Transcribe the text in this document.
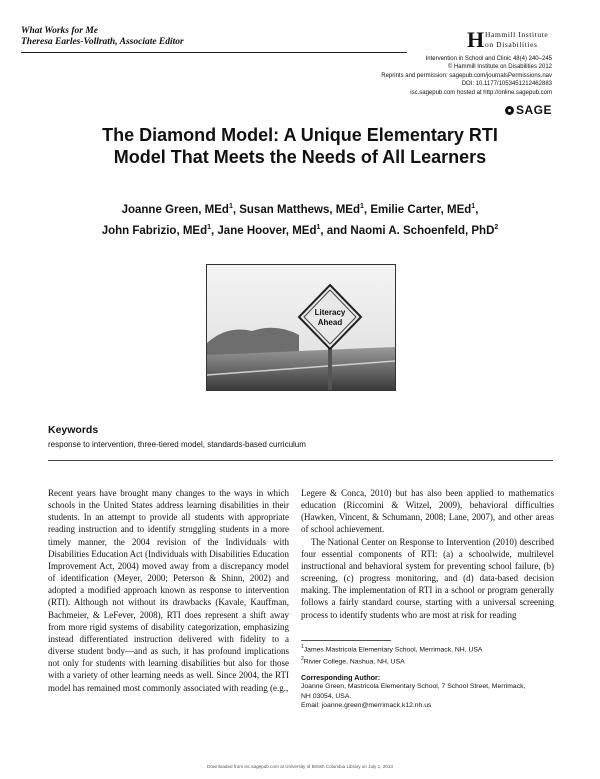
What Works for Me
Theresa Earles-Vollrath, Associate Editor	H Hammill Institute
on Disabilities
Intervention in School and Clinic 48(4) 240–245
© Hammill Institute on Disabilities 2012
Reprints and permission: sagepub.com/journalsPermissions.nav
DOI: 10.1177/1053451212462883
isc.sagepub.com hosted at http://online.sagepub.com
SAGE
The Diamond Model: A Unique Elementary RTI
Model That Meets the Needs of All Learners
Joanne Green, MEd$^1$, Susan Matthews, MEd$^1$, Emilie Carter, MEd$^1$,
John Fabrizio, MEd$^1$, Jane Hoover, MEd$^1$, and Naomi A. Schoenfeld, PhD$^2$
Literacy
Ahead
Keywords
response to intervention, three-tiered model, standards-based curriculum

Recent years have brought many changes to the ways in which schools in the United States address learning disabilities in their students. In an attempt to provide all students with appropriate reading instruction and to identify struggling students in a more timely manner, the 2004 revision of the Individuals with Disabilities Education Act (Individuals with Disabilities Education Improvement Act, 2004) moved away from a discrepancy model of identification (Meyer, 2000; Peterson & Shinn, 2002) and adopted a modified approach known as response to intervention (RTI). Although not without its drawbacks (Kavale, Kauffman, Bachmeier, & LeFever, 2008), RTI does represent a shift away from more rigid systems of disability categorization, emphasizing instead differentiated instruction delivered with fidelity to a diverse student body—and as such, it has profound implications not only for students with learning disabilities but also for those with a variety of other learning needs as well. Since 2004, the RTI model has remained most commonly associated with reading (e.g.,

Legere & Conca, 2010) but has also been applied to mathematics education (Riccomini & Witzel, 2009), behavioral difficulties (Hawken, Vincent, & Schumann, 2008; Lane, 2007), and other areas of school achievement.

The National Center on Response to Intervention (2010) described four essential components of RTI: (a) a schoolwide, multilevel instructional and behavioral system for preventing school failure, (b) screening, (c) progress monitoring, and (d) data-based decision making. The implementation of RTI in a school or program generally follows a fairly standard course, starting with a universal screening process to identify students who are most at risk for reading

$^1$James Mastricola Elementary School, Merrimack, NH, USA
$^2$Rivier College, Nashua, NH, USA
Corresponding Author:
Joanne Green, Mastricola Elementary School, 7 School Street, Merrimack,
NH 03054, USA.
Email: joanne.green@merrimack.k12.nh.us
Downloaded from isc.sagepub.com at University of British Columbia Library on July 1, 2013
